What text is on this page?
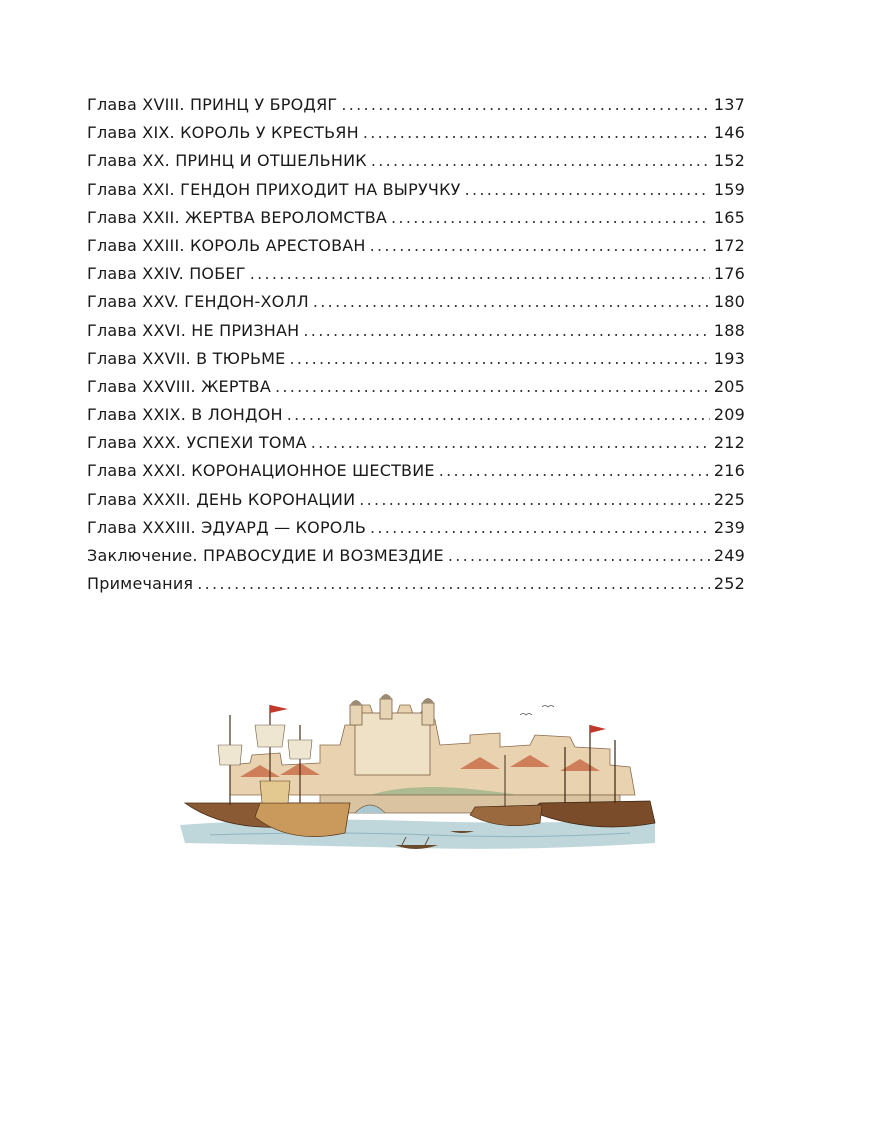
Глава XVIII. ПРИНЦ У БРОДЯГ .....	137
Глава XIX. КОРОЛЬ У КРЕСТЬЯН .....	146
Глава XX. ПРИНЦ И ОТШЕЛЬНИК .....	152
Глава XXI. ГЕНДОН ПРИХОДИТ НА ВЫРУЧКУ .....	159
Глава XXII. ЖЕРТВА ВЕРОЛОМСТВА .....	165
Глава XXIII. КОРОЛЬ АРЕСТОВАН .....	172
Глава XXIV. ПОБЕГ .....	176
Глава XXV. ГЕНДОН-ХОЛЛ .....	180
Глава XXVI. НЕ ПРИЗНАН .....	188
Глава XXVII. В ТЮРЬМЕ .....	193
Глава XXVIII. ЖЕРТВА .....	205
Глава XXIX. В ЛОНДОН .....	209
Глава XXX. УСПЕХИ ТОМА .....	212
Глава XXXI. КОРОНАЦИОННОЕ ШЕСТВИЕ .....	216
Глава XXXII. ДЕНЬ КОРОНАЦИИ .....	225
Глава XXXIII. ЭДУАРД — КОРОЛЬ .....	239
Заключение. ПРАВОСУДИЕ И ВОЗМЕЗДИЕ .....	249
Примечания .....	252
